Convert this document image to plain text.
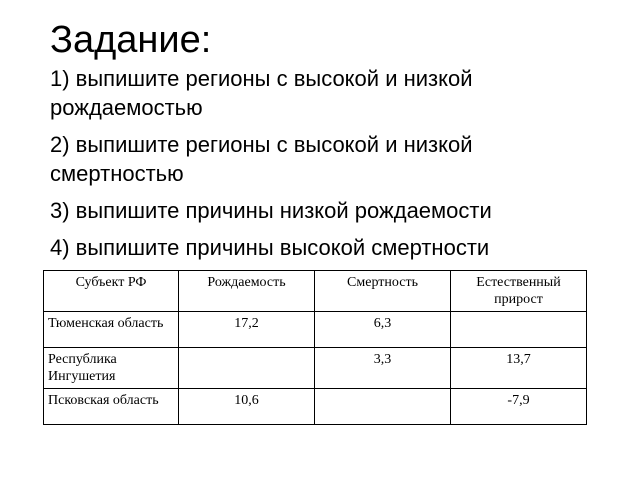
Задание:

1) выпишите регионы с высокой и низкой рождаемостью

2) выпишите регионы с высокой и низкой смертностью

3) выпишите причины низкой рождаемости

4) выпишите причины высокой смертности

Субъект РФ	Рождаемость	Смертность	Естественный прирост
Тюменская область	17,2	6,3	
Республика Ингушетия		3,3	13,7
Псковская область	10,6		-7,9
